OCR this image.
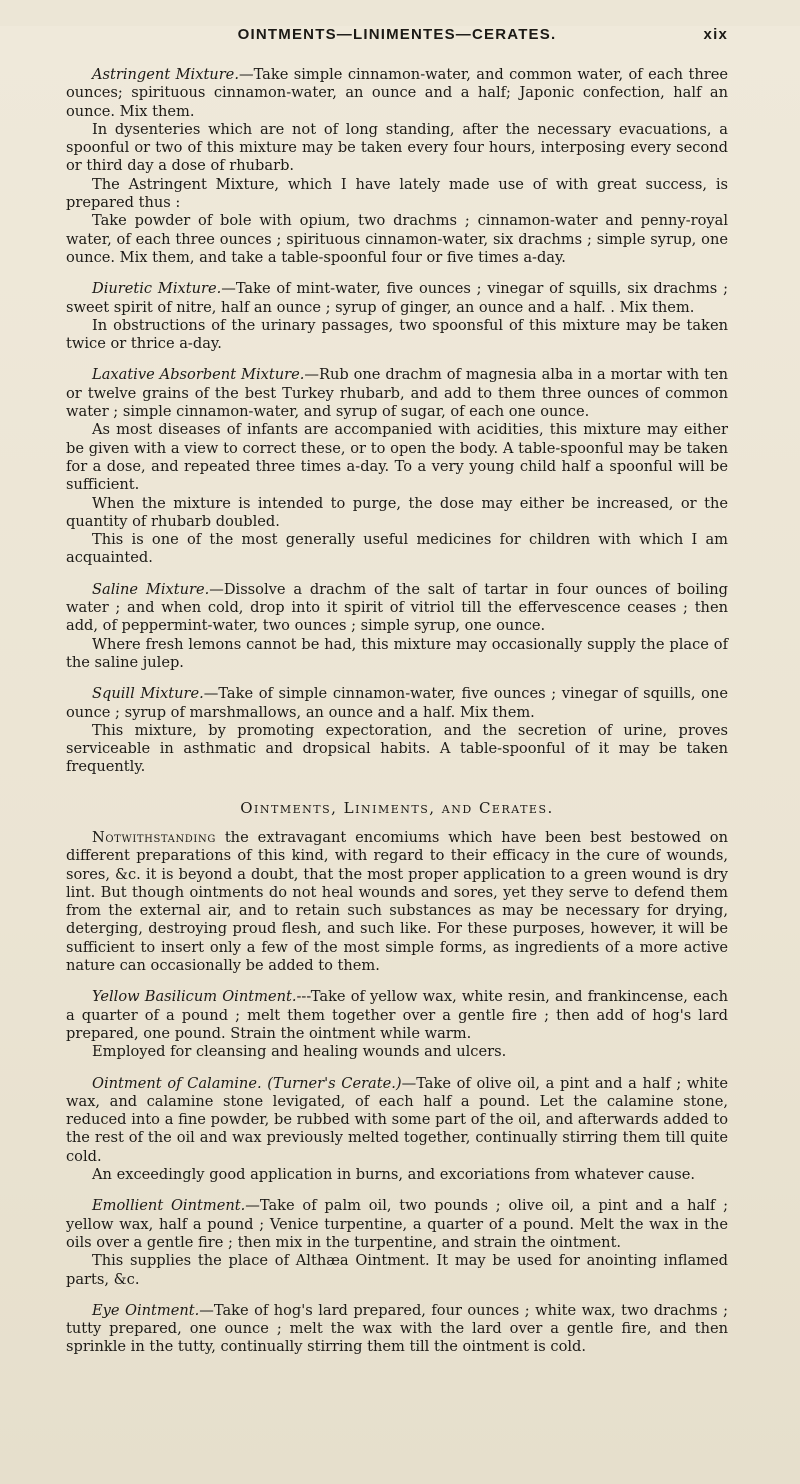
OINTMENTS—LINIMENTES—CERATES.	xix

Astringent Mixture.—Take simple cinnamon-water, and common water, of each three ounces; spirituous cinnamon-water, an ounce and a half; Japonic confection, half an ounce. Mix them.

In dysenteries which are not of long standing, after the necessary evacuations, a spoonful or two of this mixture may be taken every four hours, interposing every second or third day a dose of rhubarb.

The Astringent Mixture, which I have lately made use of with great success, is prepared thus :

Take powder of bole with opium, two drachms ; cinnamon-water and penny-royal water, of each three ounces ; spirituous cinnamon-water, six drachms ; simple syrup, one ounce. Mix them, and take a table-spoonful four or five times a-day.

Diuretic Mixture.—Take of mint-water, five ounces ; vinegar of squills, six drachms ; sweet spirit of nitre, half an ounce ; syrup of ginger, an ounce and a half. . Mix them.

In obstructions of the urinary passages, two spoonsful of this mixture may be taken twice or thrice a-day.

Laxative Absorbent Mixture.—Rub one drachm of magnesia alba in a mortar with ten or twelve grains of the best Turkey rhubarb, and add to them three ounces of common water ; simple cinnamon-water, and syrup of sugar, of each one ounce.

As most diseases of infants are accompanied with acidities, this mixture may either be given with a view to correct these, or to open the body. A table-spoonful may be taken for a dose, and repeated three times a-day. To a very young child half a spoonful will be sufficient.

When the mixture is intended to purge, the dose may either be increased, or the quantity of rhubarb doubled.

This is one of the most generally useful medicines for children with which I am acquainted.

Saline Mixture.—Dissolve a drachm of the salt of tartar in four ounces of boiling water ; and when cold, drop into it spirit of vitriol till the effervescence ceases ; then add, of peppermint-water, two ounces ; simple syrup, one ounce.

Where fresh lemons cannot be had, this mixture may occasionally supply the place of the saline julep.

Squill Mixture.—Take of simple cinnamon-water, five ounces ; vinegar of squills, one ounce ; syrup of marshmallows, an ounce and a half. Mix them.

This mixture, by promoting expectoration, and the secretion of urine, proves serviceable in asthmatic and dropsical habits. A table-spoonful of it may be taken frequently.

Ointments, Liniments, and Cerates.

Notwithstanding the extravagant encomiums which have been best bestowed on different preparations of this kind, with regard to their efficacy in the cure of wounds, sores, &c. it is beyond a doubt, that the most proper application to a green wound is dry lint. But though ointments do not heal wounds and sores, yet they serve to defend them from the external air, and to retain such substances as may be necessary for drying, deterging, destroying proud flesh, and such like. For these purposes, however, it will be sufficient to insert only a few of the most simple forms, as ingredients of a more active nature can occasionally be added to them.

Yellow Basilicum Ointment.---Take of yellow wax, white resin, and frankincense, each a quarter of a pound ; melt them together over a gentle fire ; then add of hog's lard prepared, one pound. Strain the ointment while warm.

Employed for cleansing and healing wounds and ulcers.

Ointment of Calamine. (Turner's Cerate.)—Take of olive oil, a pint and a half ; white wax, and calamine stone levigated, of each half a pound. Let the calamine stone, reduced into a fine powder, be rubbed with some part of the oil, and afterwards added to the rest of the oil and wax previously melted together, continually stirring them till quite cold.

An exceedingly good application in burns, and excoriations from whatever cause.

Emollient Ointment.—Take of palm oil, two pounds ; olive oil, a pint and a half ; yellow wax, half a pound ; Venice turpentine, a quarter of a pound. Melt the wax in the oils over a gentle fire ; then mix in the turpentine, and strain the ointment.

This supplies the place of Althæa Ointment. It may be used for anointing inflamed parts, &c.

Eye Ointment.—Take of hog's lard prepared, four ounces ; white wax, two drachms ; tutty prepared, one ounce ; melt the wax with the lard over a gentle fire, and then sprinkle in the tutty, continually stirring them till the ointment is cold.
